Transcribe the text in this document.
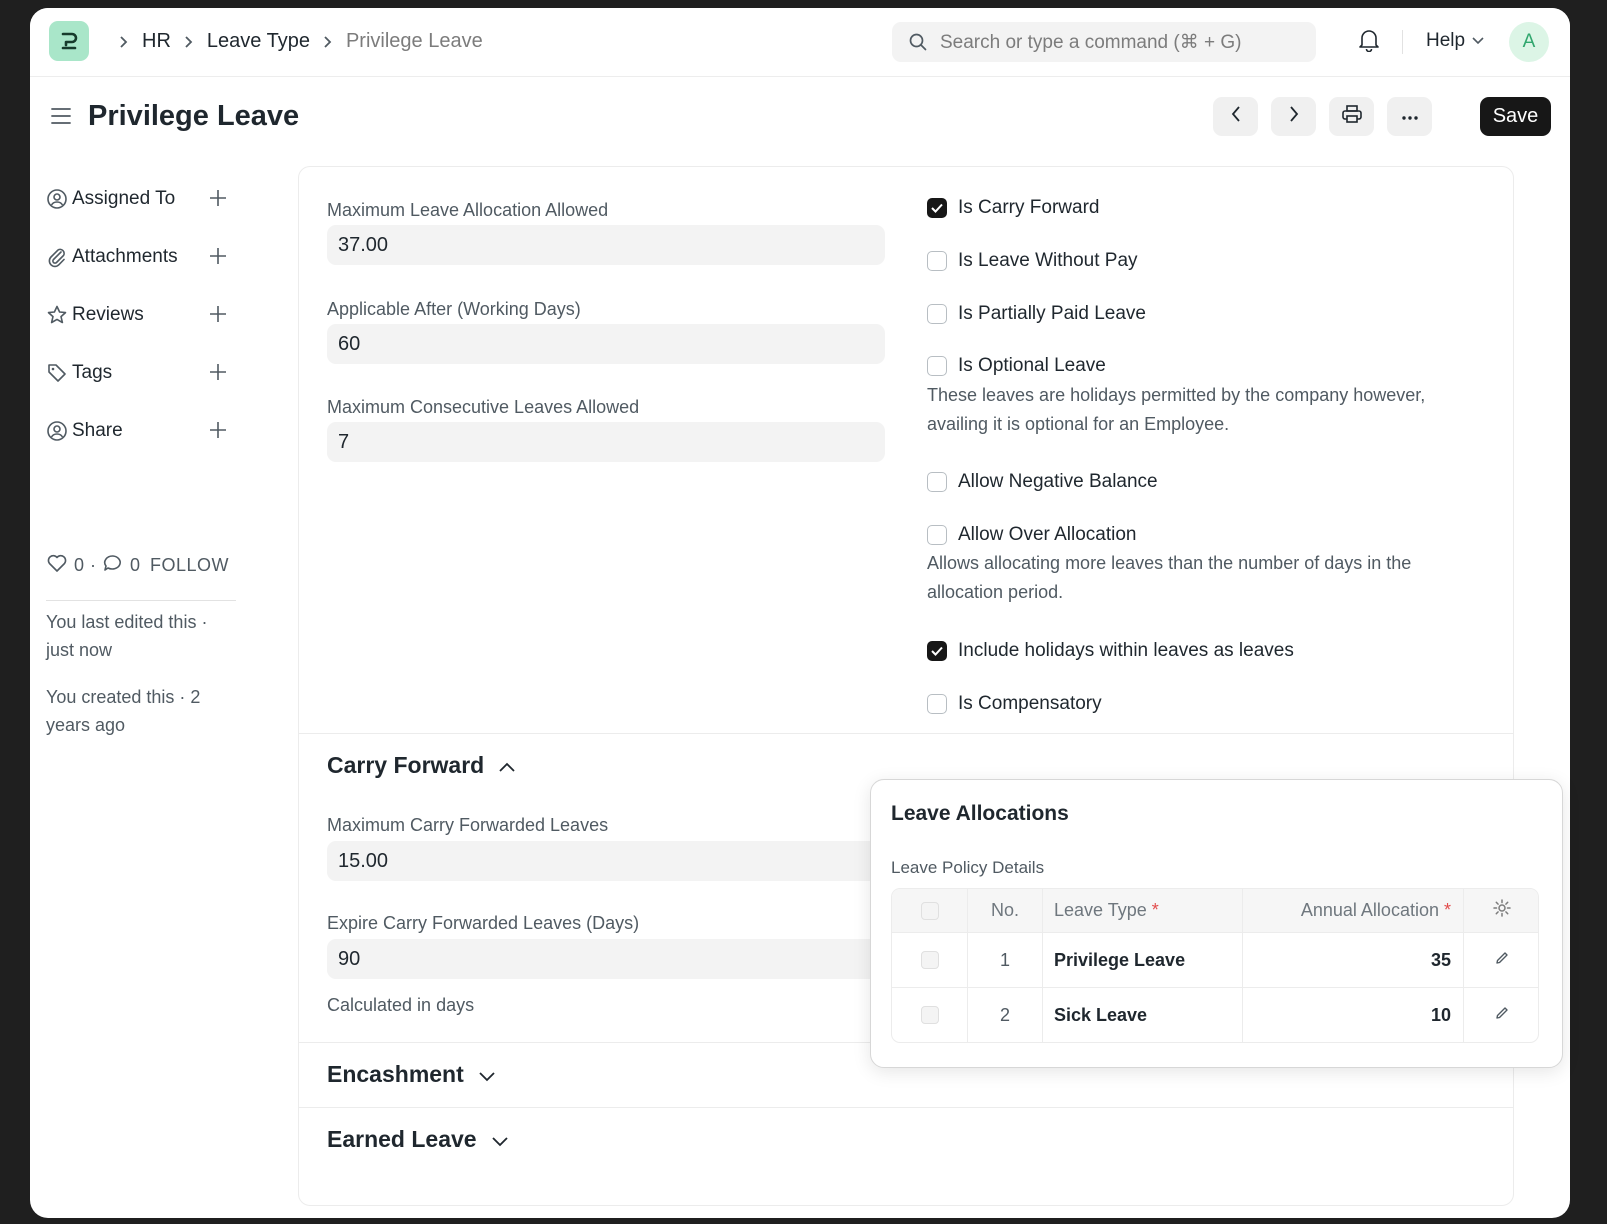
HR Leave Type Privilege Leave	Search or type a command (⌘ + G)	Help	A
Privilege Leave	Save
Assigned To
Attachments
Reviews
Tags
Share
0 · 0 FOLLOW
You last edited this · just now
You created this · 2 years ago
Maximum Leave Allocation Allowed
37.00
Applicable After (Working Days)
60
Maximum Consecutive Leaves Allowed
7
Is Carry Forward
Is Leave Without Pay
Is Partially Paid Leave
Is Optional Leave
These leaves are holidays permitted by the company however, availing it is optional for an Employee.
Allow Negative Balance
Allow Over Allocation
Allows allocating more leaves than the number of days in the allocation period.
Include holidays within leaves as leaves
Is Compensatory
Carry Forward
Maximum Carry Forwarded Leaves
15.00
Expire Carry Forwarded Leaves (Days)
90
Calculated in days
Encashment
Earned Leave
Leave Allocations
Leave Policy Details
No.	Leave Type *	Annual Allocation *
1	Privilege Leave	35
2	Sick Leave	10
